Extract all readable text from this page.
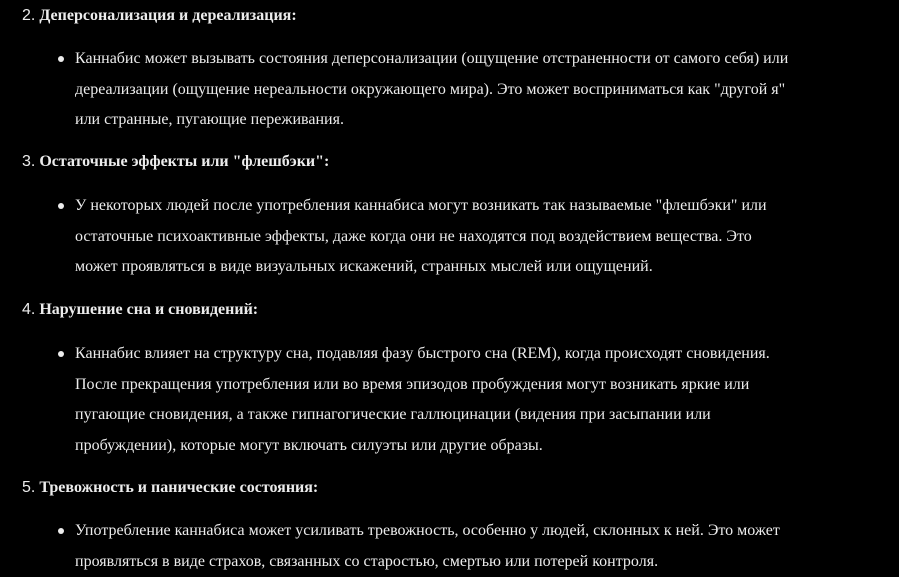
2. Деперсонализация и дереализация:
Каннабис может вызывать состояния деперсонализации (ощущение отстраненности от самого себя) или
дереализации (ощущение нереальности окружающего мира). Это может восприниматься как "другой я"
или странные, пугающие переживания.
3. Остаточные эффекты или "флешбэки":
У некоторых людей после употребления каннабиса могут возникать так называемые "флешбэки" или
остаточные психоактивные эффекты, даже когда они не находятся под воздействием вещества. Это
может проявляться в виде визуальных искажений, странных мыслей или ощущений.
4. Нарушение сна и сновидений:
Каннабис влияет на структуру сна, подавляя фазу быстрого сна (REM), когда происходят сновидения.
После прекращения употребления или во время эпизодов пробуждения могут возникать яркие или
пугающие сновидения, а также гипнагогические галлюцинации (видения при засыпании или
пробуждении), которые могут включать силуэты или другие образы.
5. Тревожность и панические состояния:
Употребление каннабиса может усиливать тревожность, особенно у людей, склонных к ней. Это может
проявляться в виде страхов, связанных со старостью, смертью или потерей контроля.
